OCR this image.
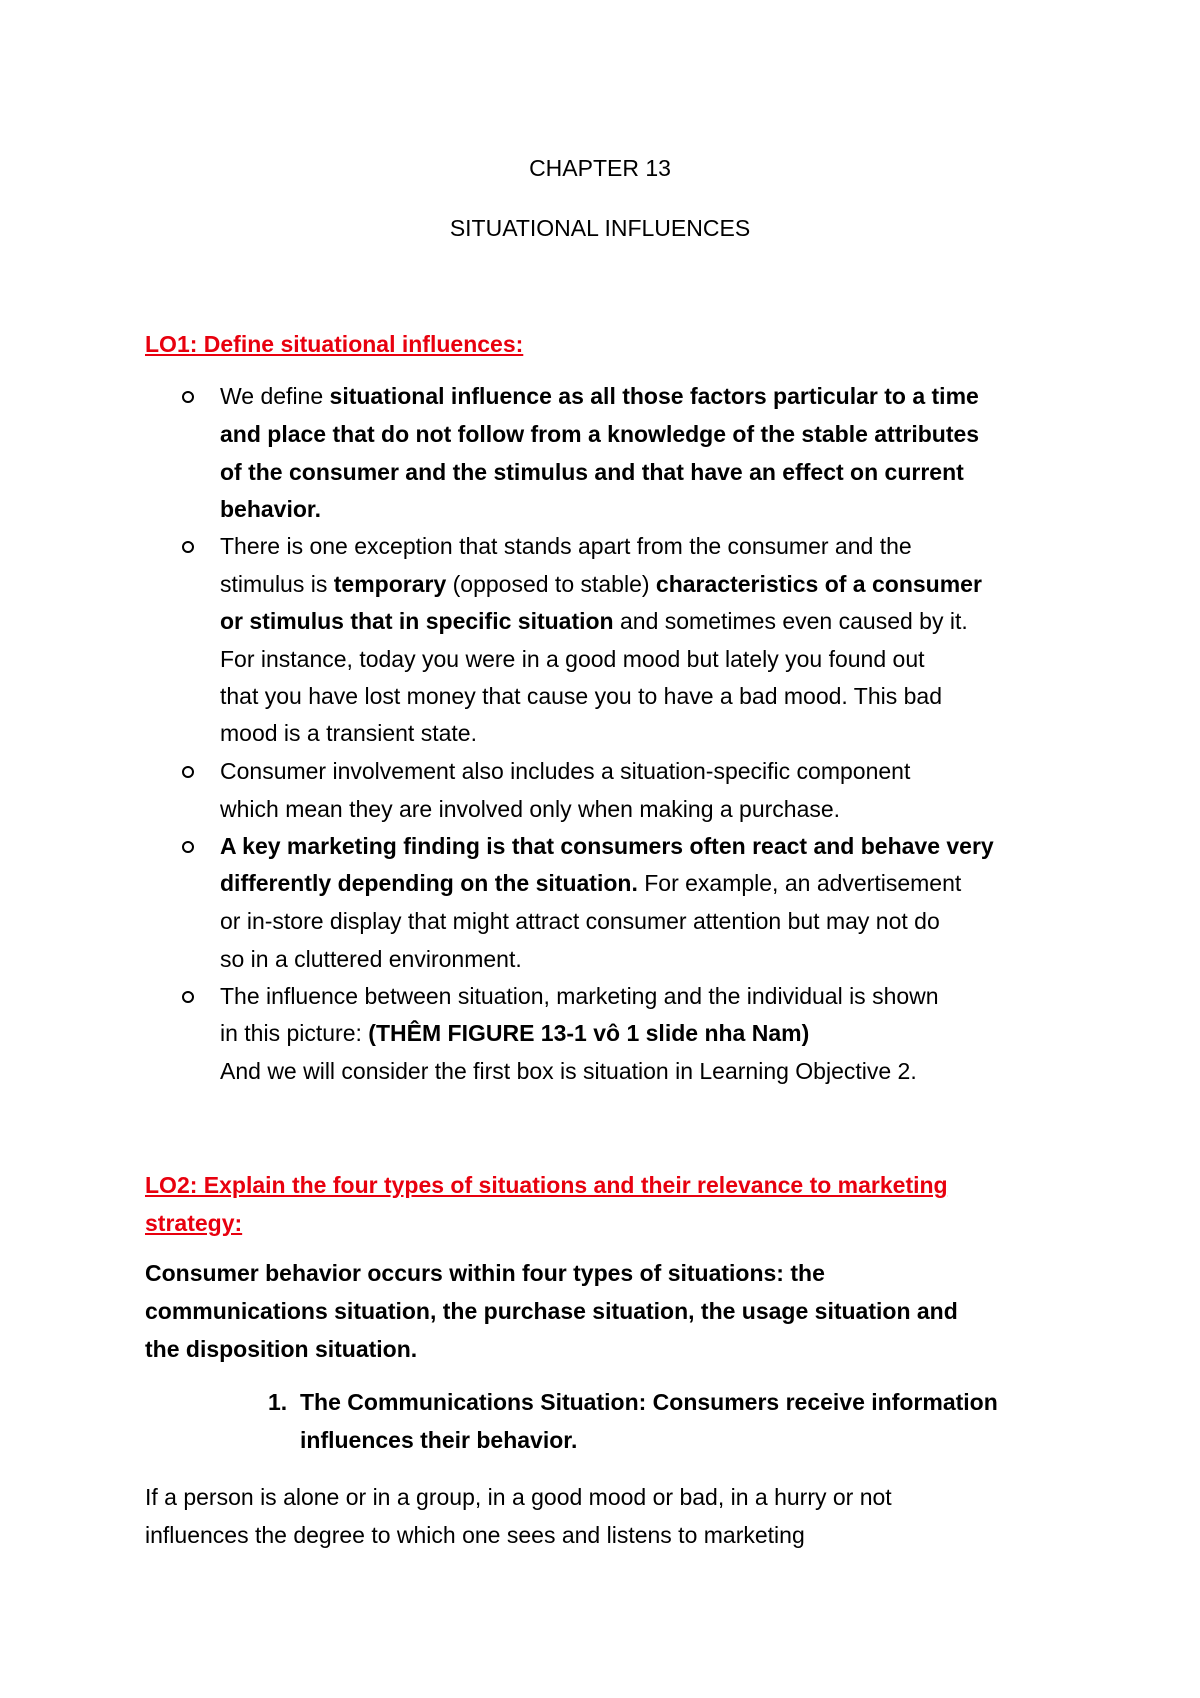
CHAPTER 13
SITUATIONAL INFLUENCES
LO1: Define situational influences:
We define situational influence as all those factors particular to a time
and place that do not follow from a knowledge of the stable attributes
of the consumer and the stimulus and that have an effect on current
behavior.
There is one exception that stands apart from the consumer and the
stimulus is temporary (opposed to stable) characteristics of a consumer
or stimulus that in specific situation and sometimes even caused by it.
For instance, today you were in a good mood but lately you found out
that you have lost money that cause you to have a bad mood. This bad
mood is a transient state.
Consumer involvement also includes a situation-specific component
which mean they are involved only when making a purchase.
A key marketing finding is that consumers often react and behave very
differently depending on the situation. For example, an advertisement
or in-store display that might attract consumer attention but may not do
so in a cluttered environment.
The influence between situation, marketing and the individual is shown
in this picture: (THÊM FIGURE 13-1 vô 1 slide nha Nam)
And we will consider the first box is situation in Learning Objective 2.
LO2: Explain the four types of situations and their relevance to marketing
strategy:
Consumer behavior occurs within four types of situations: the
communications situation, the purchase situation, the usage situation and
the disposition situation.
1. The Communications Situation: Consumers receive information
influences their behavior.
If a person is alone or in a group, in a good mood or bad, in a hurry or not
influences the degree to which one sees and listens to marketing
